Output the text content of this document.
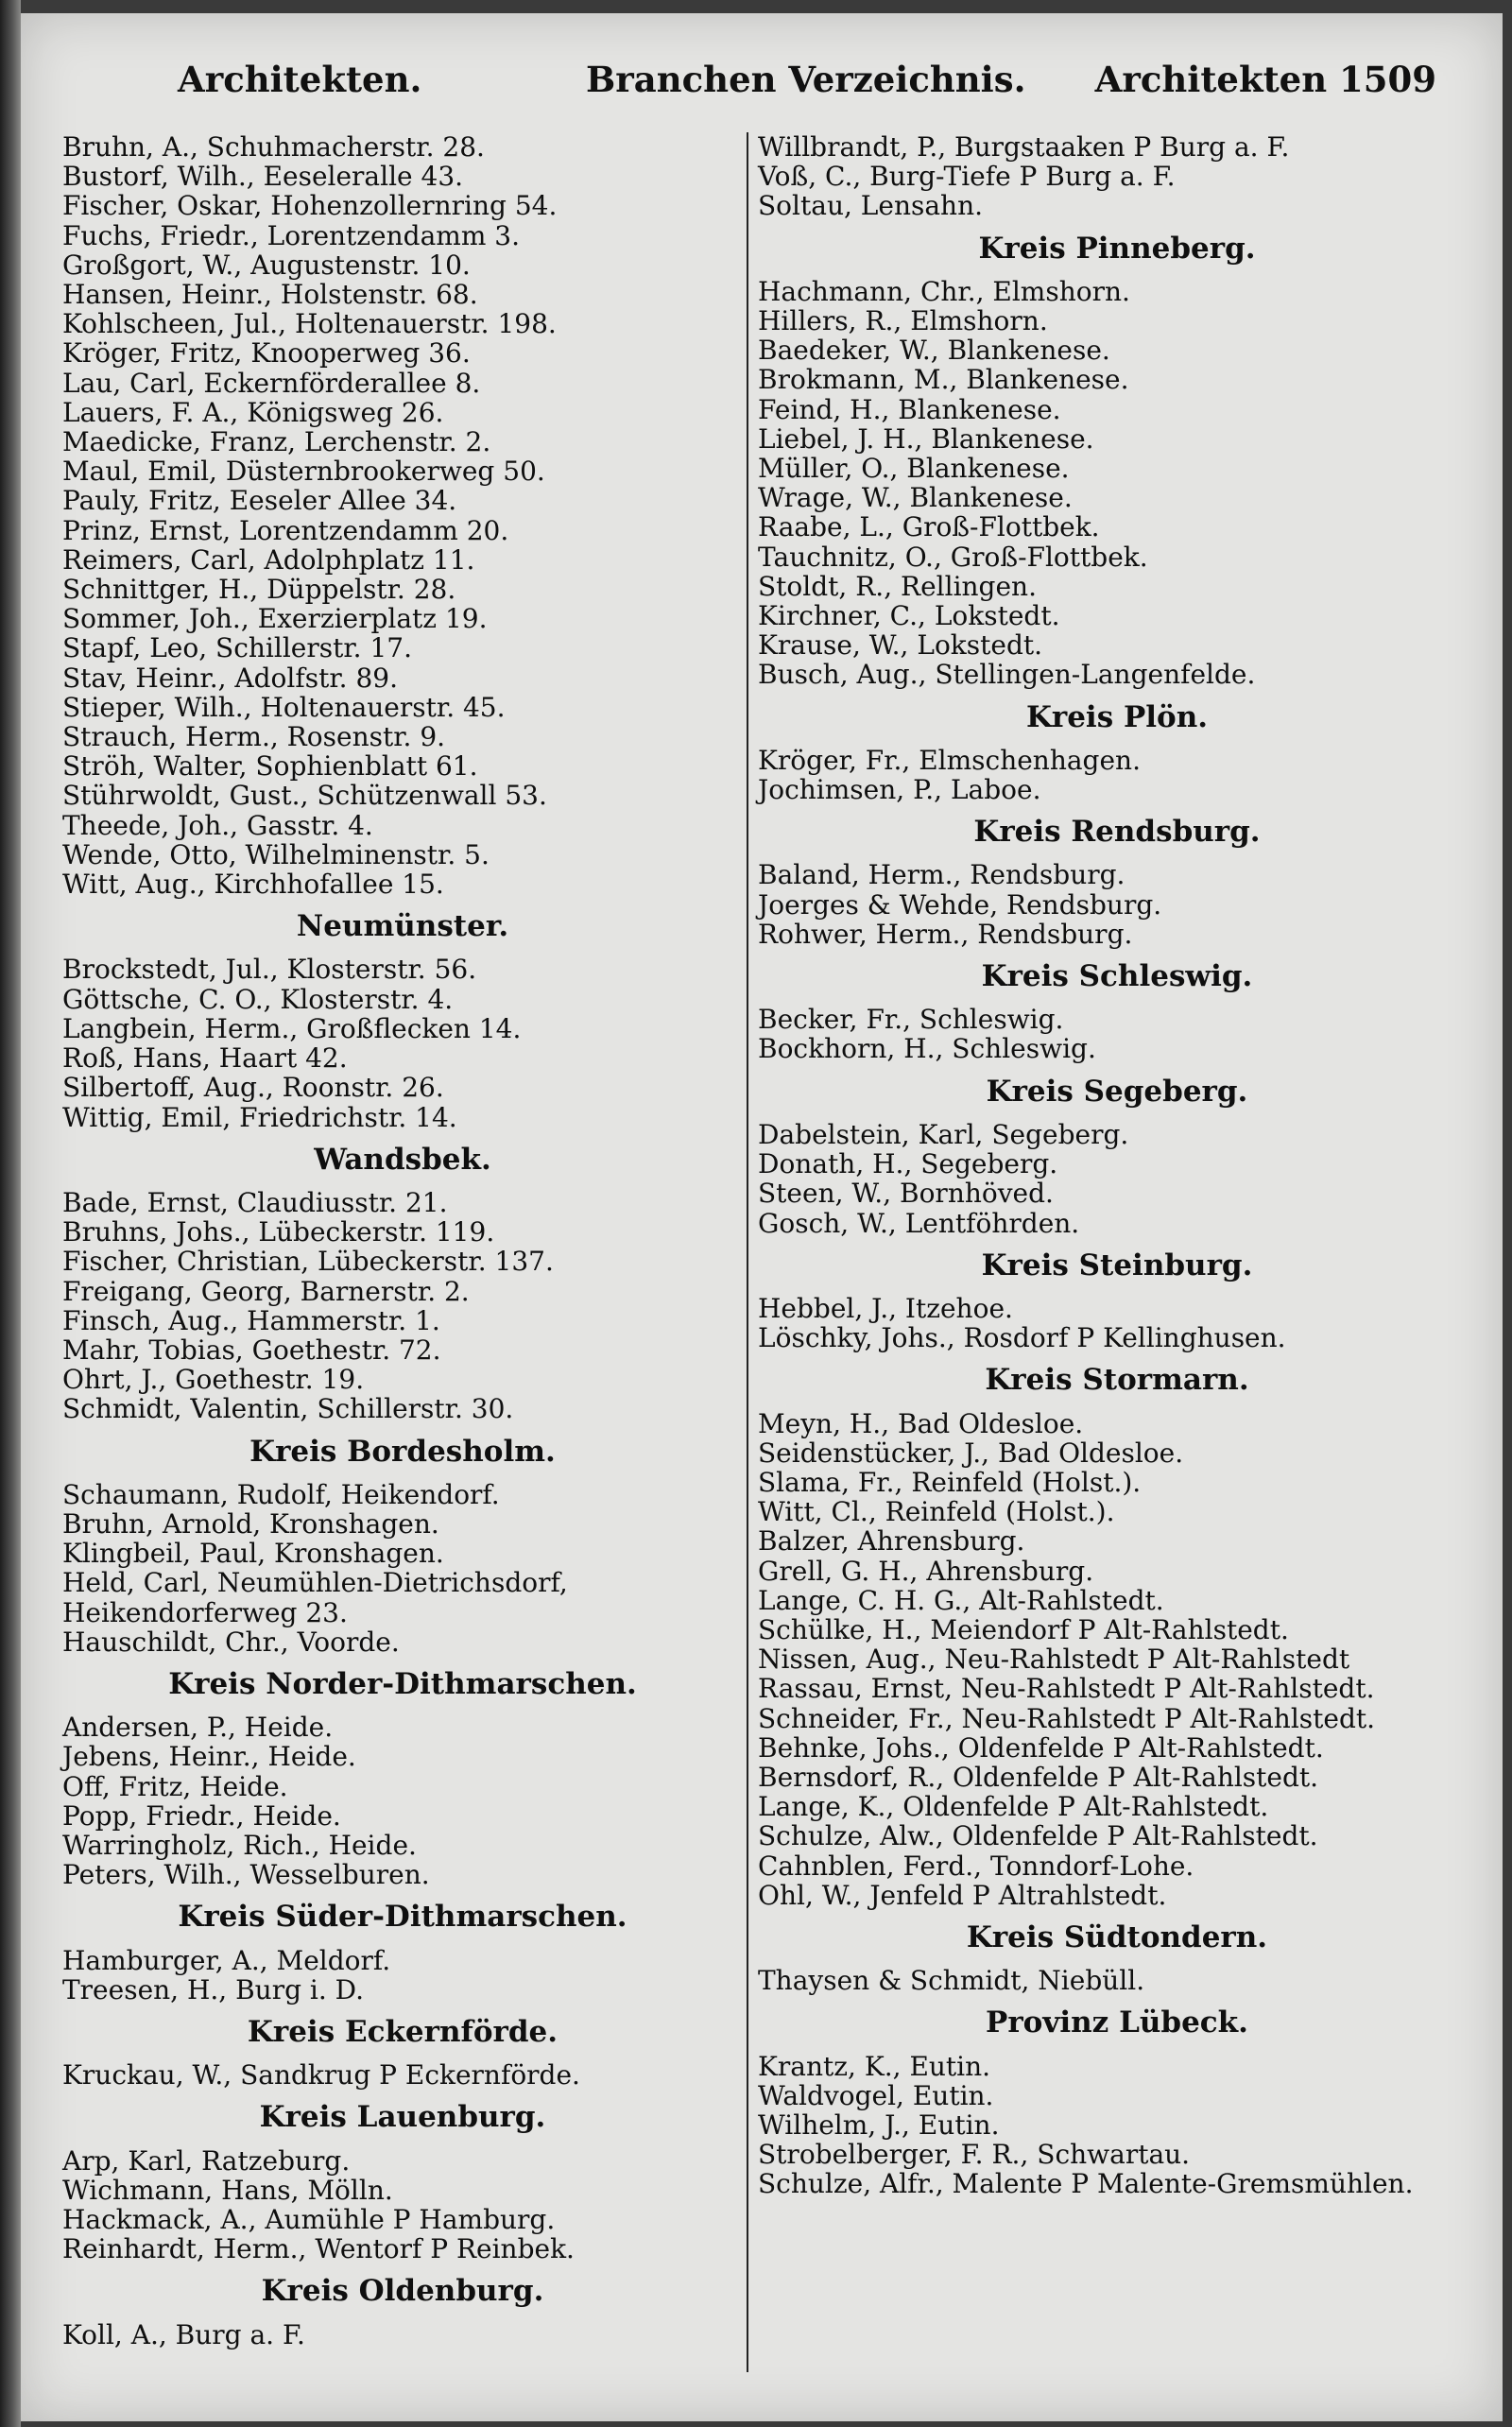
Architekten.	Branchen Verzeichnis. Architekten 1509
Bruhn, A., Schuhmacherstr. 28.
Bustorf, Wilh., Eeseleralle 43.
Fischer, Oskar, Hohenzollernring 54.
Fuchs, Friedr., Lorentzendamm 3.
Großgort, W., Augustenstr. 10.
Hansen, Heinr., Holstenstr. 68.
Kohlscheen, Jul., Holtenauerstr. 198.
Kröger, Fritz, Knooperweg 36.
Lau, Carl, Eckernförderallee 8.
Lauers, F. A., Königsweg 26.
Maedicke, Franz, Lerchenstr. 2.
Maul, Emil, Düsternbrookerweg 50.
Pauly, Fritz, Eeseler Allee 34.
Prinz, Ernst, Lorentzendamm 20.
Reimers, Carl, Adolphplatz 11.
Schnittger, H., Düppelstr. 28.
Sommer, Joh., Exerzierplatz 19.
Stapf, Leo, Schillerstr. 17.
Stav, Heinr., Adolfstr. 89.
Stieper, Wilh., Holtenauerstr. 45.
Strauch, Herm., Rosenstr. 9.
Ströh, Walter, Sophienblatt 61.
Stührwoldt, Gust., Schützenwall 53.
Theede, Joh., Gasstr. 4.
Wende, Otto, Wilhelminenstr. 5.
Witt, Aug., Kirchhofallee 15.
Neumünster.
Brockstedt, Jul., Klosterstr. 56.
Göttsche, C. O., Klosterstr. 4.
Langbein, Herm., Großflecken 14.
Roß, Hans, Haart 42.
Silbertoff, Aug., Roonstr. 26.
Wittig, Emil, Friedrichstr. 14.
Wandsbek.
Bade, Ernst, Claudiusstr. 21.
Bruhns, Johs., Lübeckerstr. 119.
Fischer, Christian, Lübeckerstr. 137.
Freigang, Georg, Barnerstr. 2.
Finsch, Aug., Hammerstr. 1.
Mahr, Tobias, Goethestr. 72.
Ohrt, J., Goethestr. 19.
Schmidt, Valentin, Schillerstr. 30.
Kreis Bordesholm.
Schaumann, Rudolf, Heikendorf.
Bruhn, Arnold, Kronshagen.
Klingbeil, Paul, Kronshagen.
Held, Carl, Neumühlen-Dietrichsdorf, Heikendorferweg 23.
Hauschildt, Chr., Voorde.
Kreis Norder-Dithmarschen.
Andersen, P., Heide.
Jebens, Heinr., Heide.
Off, Fritz, Heide.
Popp, Friedr., Heide.
Warringholz, Rich., Heide.
Peters, Wilh., Wesselburen.
Kreis Süder-Dithmarschen.
Hamburger, A., Meldorf.
Treesen, H., Burg i. D.
Kreis Eckernförde.
Kruckau, W., Sandkrug P Eckernförde.
Kreis Lauenburg.
Arp, Karl, Ratzeburg.
Wichmann, Hans, Mölln.
Hackmack, A., Aumühle P Hamburg.
Reinhardt, Herm., Wentorf P Reinbek.
Kreis Oldenburg.
Koll, A., Burg a. F.
Willbrandt, P., Burgstaaken P Burg a. F.
Voß, C., Burg-Tiefe P Burg a. F.
Soltau, Lensahn.
Kreis Pinneberg.
Hachmann, Chr., Elmshorn.
Hillers, R., Elmshorn.
Baedeker, W., Blankenese.
Brokmann, M., Blankenese.
Feind, H., Blankenese.
Liebel, J. H., Blankenese.
Müller, O., Blankenese.
Wrage, W., Blankenese.
Raabe, L., Groß-Flottbek.
Tauchnitz, O., Groß-Flottbek.
Stoldt, R., Rellingen.
Kirchner, C., Lokstedt.
Krause, W., Lokstedt.
Busch, Aug., Stellingen-Langenfelde.
Kreis Plön.
Kröger, Fr., Elmschenhagen.
Jochimsen, P., Laboe.
Kreis Rendsburg.
Baland, Herm., Rendsburg.
Joerges & Wehde, Rendsburg.
Rohwer, Herm., Rendsburg.
Kreis Schleswig.
Becker, Fr., Schleswig.
Bockhorn, H., Schleswig.
Kreis Segeberg.
Dabelstein, Karl, Segeberg.
Donath, H., Segeberg.
Steen, W., Bornhöved.
Gosch, W., Lentföhrden.
Kreis Steinburg.
Hebbel, J., Itzehoe.
Löschky, Johs., Rosdorf P Kellinghusen.
Kreis Stormarn.
Meyn, H., Bad Oldesloe.
Seidenstücker, J., Bad Oldesloe.
Slama, Fr., Reinfeld (Holst.).
Witt, Cl., Reinfeld (Holst.).
Balzer, Ahrensburg.
Grell, G. H., Ahrensburg.
Lange, C. H. G., Alt-Rahlstedt.
Schülke, H., Meiendorf P Alt-Rahlstedt.
Nissen, Aug., Neu-Rahlstedt P Alt-Rahlstedt
Rassau, Ernst, Neu-Rahlstedt P Alt-Rahlstedt.
Schneider, Fr., Neu-Rahlstedt P Alt-Rahlstedt.
Behnke, Johs., Oldenfelde P Alt-Rahlstedt.
Bernsdorf, R., Oldenfelde P Alt-Rahlstedt.
Lange, K., Oldenfelde P Alt-Rahlstedt.
Schulze, Alw., Oldenfelde P Alt-Rahlstedt.
Cahnblen, Ferd., Tonndorf-Lohe.
Ohl, W., Jenfeld P Altrahlstedt.
Kreis Südtondern.
Thaysen & Schmidt, Niebüll.
Provinz Lübeck.
Krantz, K., Eutin.
Waldvogel, Eutin.
Wilhelm, J., Eutin.
Strobelberger, F. R., Schwartau.
Schulze, Alfr., Malente P Malente-Gremsmühlen.
